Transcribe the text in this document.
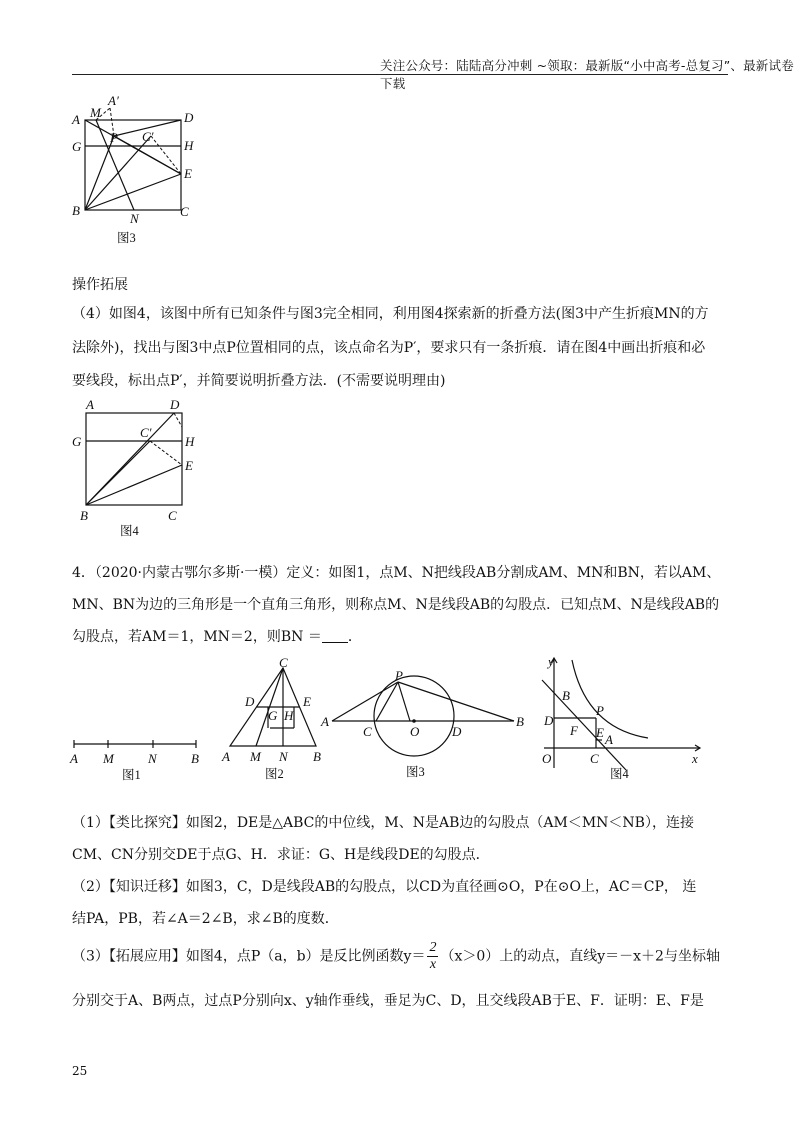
关注公众号：陆陆高分冲刺 ~领取：最新版“小中高考-总复习”、最新试卷下载
A M
A′
D
G
P C′
H
E
B
N	C
图3

操作拓展

（4）如图4，该图中所有已知条件与图3完全相同，利用图4探索新的折叠方法(图3中产生折痕MN的方

法除外)，找出与图3中点P位置相同的点，该点命名为P′，要求只有一条折痕．请在图4中画出折痕和必

要线段，标出点P′，并简要说明折叠方法．(不需要说明理由)

A	D
G
C′
H
E
B	C
图4

4．（2020·内蒙古鄂尔多斯·一模）定义：如图1，点M、N把线段AB分割成AM、MN和BN，若以AM、

MN、BN为边的三角形是一个直角三角形，则称点M、N是线段AB的勾股点．已知点M、N是线段AB的

勾股点，若AM＝1，MN＝2，则BN ＝ ．

A M	N	B
图1
C
D	E
G H
A M N B
图2
P
A
C	O	D
B
图3
y
B
P
D
F E A
O	C	x
图4

（1）【类比探究】如图2，DE是△ABC的中位线，M、N是AB边的勾股点（AM＜MN＜NB），连接

CM、CN分别交DE于点G、H．求证：G、H是线段DE的勾股点．

（2）【知识迁移】如图3，C，D是线段AB的勾股点，以CD为直径画⊙O，P在⊙O上，AC＝CP， 连

结PA，PB，若∠A＝2∠B，求∠B的度数．

（3）【拓展应用】如图4，点P（a，b）是反比例函数$y= \frac{2}{x} (x>0)$上的动点，直线y＝－x＋2与坐标轴

分别交于A、B两点，过点P分别向x、y轴作垂线，垂足为C、D，且交线段AB于E、F．证明：E、F是

25
